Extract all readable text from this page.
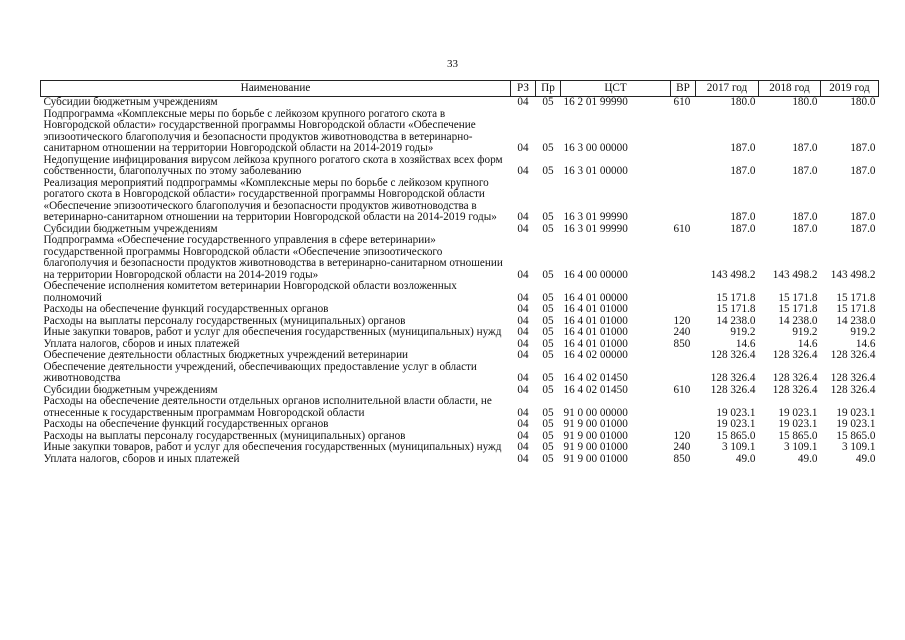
33
Наименование	РЗ	Пр	ЦСТ	ВР	2017 год	2018 год	2019 год
Субсидии бюджетным учреждениям	04	05	16 2 01 99990	610	180.0	180.0	180.0
Подпрограмма «Комплексные меры по борьбе с лейкозом крупного рогатого скота в Новгородской области» государственной программы Новгородской области «Обеспечение эпизоотического благополучия и безопасности продуктов животноводства в ветеринарно-санитарном отношении на территории Новгородской области на 2014-2019 годы»	04	05	16 3 00 00000		187.0	187.0	187.0
Недопущение инфицирования вирусом лейкоза крупного рогатого скота в хозяйствах всех форм собственности, благополучных по этому заболеванию	04	05	16 3 01 00000		187.0	187.0	187.0
Реализация мероприятий подпрограммы «Комплексные меры по борьбе с лейкозом крупного рогатого скота в Новгородской области» государственной программы Новгородской области «Обеспечение эпизоотического благополучия и безопасности продуктов животноводства в ветеринарно-санитарном отношении на территории Новгородской области на 2014-2019 годы»	04	05	16 3 01 99990		187.0	187.0	187.0
Субсидии бюджетным учреждениям	04	05	16 3 01 99990	610	187.0	187.0	187.0
Подпрограмма «Обеспечение государственного управления в сфере ветеринарии» государственной программы Новгородской области «Обеспечение эпизоотического благополучия и безопасности продуктов животноводства в ветеринарно-санитарном отношении на территории Новгородской области на 2014-2019 годы»	04	05	16 4 00 00000		143 498.2	143 498.2	143 498.2
Обеспечение исполнения комитетом ветеринарии Новгородской области возложенных полномочий	04	05	16 4 01 00000		15 171.8	15 171.8	15 171.8
Расходы на обеспечение функций государственных органов	04	05	16 4 01 01000		15 171.8	15 171.8	15 171.8
Расходы на выплаты персоналу государственных (муниципальных) органов	04	05	16 4 01 01000	120	14 238.0	14 238.0	14 238.0
Иные закупки товаров, работ и услуг для обеспечения государственных (муниципальных) нужд	04	05	16 4 01 01000	240	919.2	919.2	919.2
Уплата налогов, сборов и иных платежей	04	05	16 4 01 01000	850	14.6	14.6	14.6
Обеспечение деятельности областных бюджетных учреждений ветеринарии	04	05	16 4 02 00000		128 326.4	128 326.4	128 326.4
Обеспечение деятельности учреждений, обеспечивающих предоставление услуг в области животноводства	04	05	16 4 02 01450		128 326.4	128 326.4	128 326.4
Субсидии бюджетным учреждениям	04	05	16 4 02 01450	610	128 326.4	128 326.4	128 326.4
Расходы на обеспечение деятельности отдельных органов исполнительной власти области, не отнесенные к государственным программам Новгородской области	04	05	91 0 00 00000		19 023.1	19 023.1	19 023.1
Расходы на обеспечение функций государственных органов	04	05	91 9 00 01000		19 023.1	19 023.1	19 023.1
Расходы на выплаты персоналу государственных (муниципальных) органов	04	05	91 9 00 01000	120	15 865.0	15 865.0	15 865.0
Иные закупки товаров, работ и услуг для обеспечения государственных (муниципальных) нужд	04	05	91 9 00 01000	240	3 109.1	3 109.1	3 109.1
Уплата налогов, сборов и иных платежей	04	05	91 9 00 01000	850	49.0	49.0	49.0
